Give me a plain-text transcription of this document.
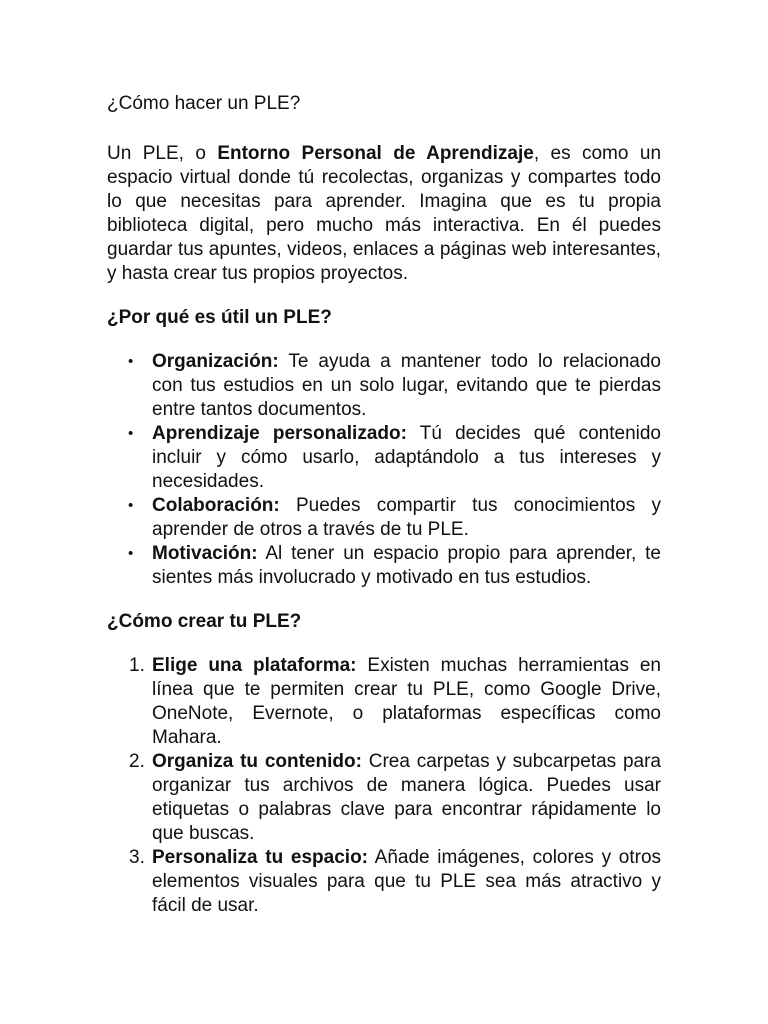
¿Cómo hacer un PLE?

Un PLE, o Entorno Personal de Aprendizaje, es como un espacio virtual donde tú recolectas, organizas y compartes todo lo que necesitas para aprender. Imagina que es tu propia biblioteca digital, pero mucho más interactiva. En él puedes guardar tus apuntes, videos, enlaces a páginas web interesantes, y hasta crear tus propios proyectos.

¿Por qué es útil un PLE?

• Organización: Te ayuda a mantener todo lo relacionado con tus estudios en un solo lugar, evitando que te pierdas entre tantos documentos.
• Aprendizaje personalizado: Tú decides qué contenido incluir y cómo usarlo, adaptándolo a tus intereses y necesidades.
• Colaboración: Puedes compartir tus conocimientos y aprender de otros a través de tu PLE.
• Motivación: Al tener un espacio propio para aprender, te sientes más involucrado y motivado en tus estudios.

¿Cómo crear tu PLE?

1. Elige una plataforma: Existen muchas herramientas en línea que te permiten crear tu PLE, como Google Drive, OneNote, Evernote, o plataformas específicas como Mahara.
2. Organiza tu contenido: Crea carpetas y subcarpetas para organizar tus archivos de manera lógica. Puedes usar etiquetas o palabras clave para encontrar rápidamente lo que buscas.
3. Personaliza tu espacio: Añade imágenes, colores y otros elementos visuales para que tu PLE sea más atractivo y fácil de usar.
